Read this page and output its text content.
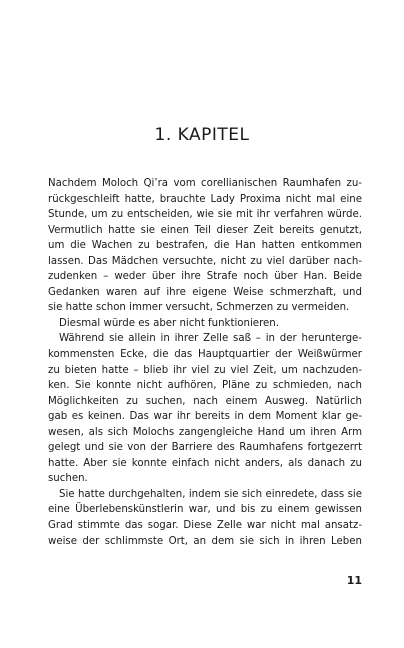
1. KAPITEL
Nachdem Moloch Qi’ra vom corellianischen Raumhafen zu-
rückgeschleift hatte, brauchte Lady Proxima nicht mal eine
Stunde, um zu entscheiden, wie sie mit ihr verfahren würde.
Vermutlich hatte sie einen Teil dieser Zeit bereits genutzt,
um die Wachen zu bestrafen, die Han hatten entkommen
lassen. Das Mädchen versuchte, nicht zu viel darüber nach-
zudenken – weder über ihre Strafe noch über Han. Beide
Gedanken waren auf ihre eigene Weise schmerzhaft, und
sie hatte schon immer versucht, Schmerzen zu vermeiden.
Diesmal würde es aber nicht funktionieren.
Während sie allein in ihrer Zelle saß – in der herunterge-
kommensten Ecke, die das Hauptquartier der Weißwürmer
zu bieten hatte – blieb ihr viel zu viel Zeit, um nachzuden-
ken. Sie konnte nicht aufhören, Pläne zu schmieden, nach
Möglichkeiten zu suchen, nach einem Ausweg. Natürlich
gab es keinen. Das war ihr bereits in dem Moment klar ge-
wesen, als sich Molochs zangengleiche Hand um ihren Arm
gelegt und sie von der Barriere des Raumhafens fortgezerrt
hatte. Aber sie konnte einfach nicht anders, als danach zu
suchen.
Sie hatte durchgehalten, indem sie sich einredete, dass sie
eine Überlebenskünstlerin war, und bis zu einem gewissen
Grad stimmte das sogar. Diese Zelle war nicht mal ansatz-
weise der schlimmste Ort, an dem sie sich in ihren Leben
11
